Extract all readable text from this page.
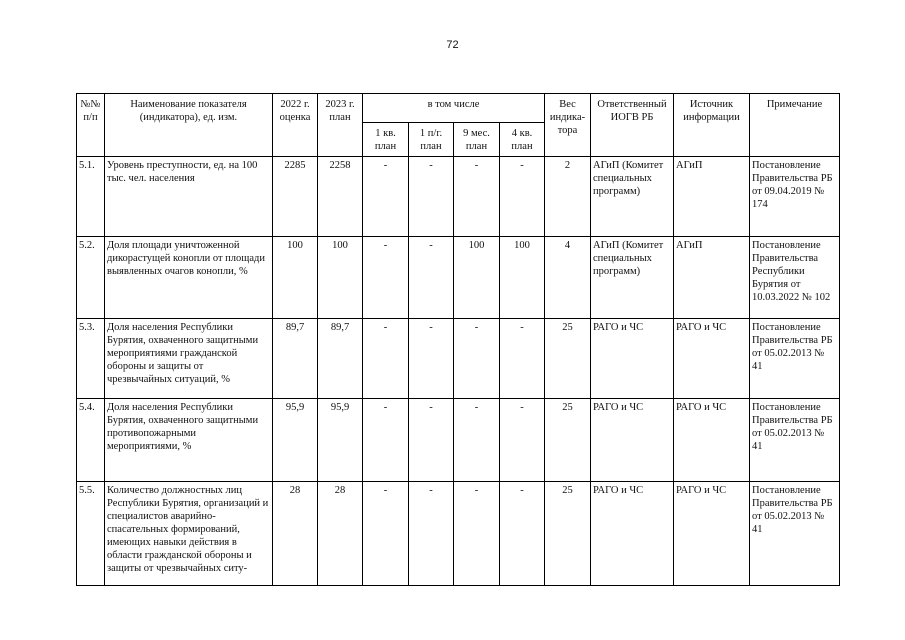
72
№№ п/п	Наименование показателя (индикатора), ед. изм.	2022 г. оценка	2023 г. план	в том числе				Вес индика-тора	Ответственный ИОГВ РБ	Источник информации	Примечание
				1 кв. план	1 п/г. план	9 мес. план	4 кв. план				
5.1.	Уровень преступности, ед. на 100 тыс. чел. населения	2285	2258	-	-	-	-	2	АГиП (Комитет специальных программ)	АГиП	Постановление Правительства РБ от 09.04.2019 № 174
5.2.	Доля площади уничтоженной дикорастущей конопли от площади выявленных очагов конопли, %	100	100	-	-	100	100	4	АГиП (Комитет специальных программ)	АГиП	Постановление Правительства Республики Бурятия от 10.03.2022 № 102
5.3.	Доля населения Республики Бурятия, охваченного защитными мероприятиями гражданской обороны и защиты от чрезвычайных ситуаций, %	89,7	89,7	-	-	-	-	25	РАГО и ЧС	РАГО и ЧС	Постановление Правительства РБ от 05.02.2013 № 41
5.4.	Доля населения Республики Бурятия, охваченного защитными противопожарными мероприятиями, %	95,9	95,9	-	-	-	-	25	РАГО и ЧС	РАГО и ЧС	Постановление Правительства РБ от 05.02.2013 № 41
5.5.	Количество должностных лиц Республики Бурятия, организаций и специалистов аварийно-спасательных формирований, имеющих навыки действия в области гражданской обороны и защиты от чрезвычайных ситу-	28	28	-	-	-	-	25	РАГО и ЧС	РАГО и ЧС	Постановление Правительства РБ от 05.02.2013 № 41
